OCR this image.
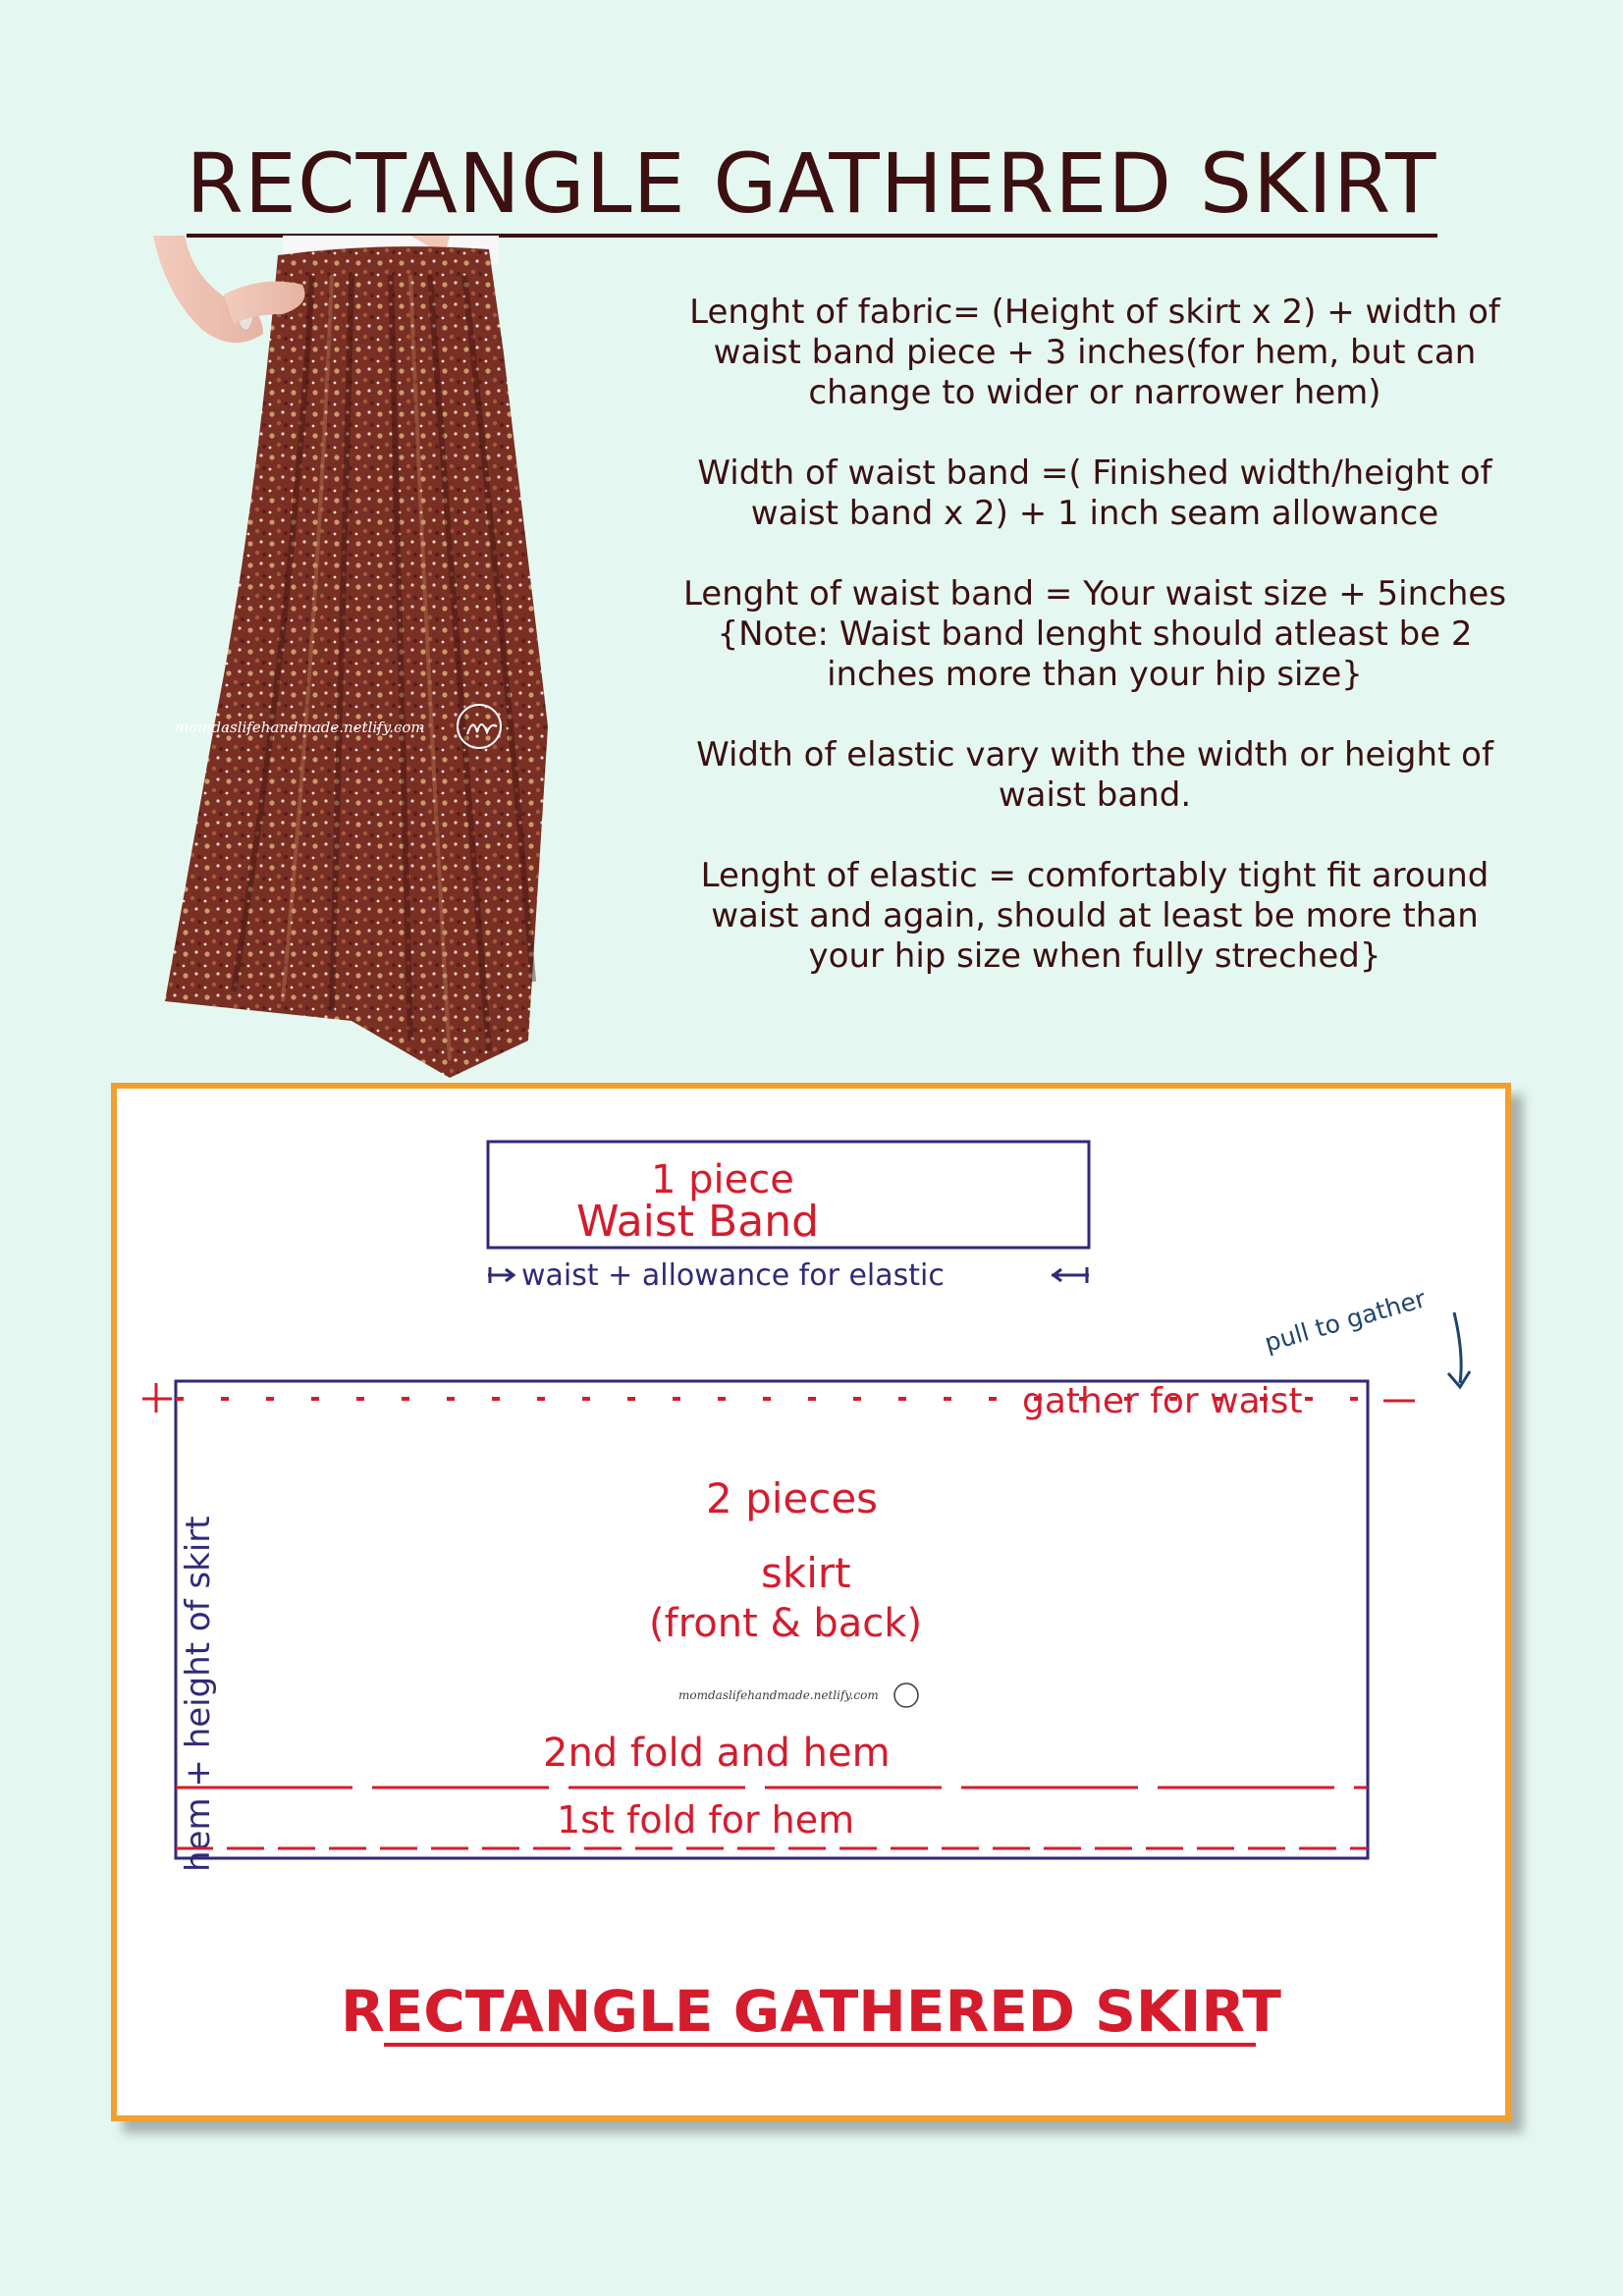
RECTANGLE GATHERED SKIRT
momdaslifehandmade.netlify.com

Lenght of fabric= (Height of skirt x 2) + width of waist band piece + 3 inches(for hem, but can change to wider or narrower hem)

Width of waist band =( Finished width/height of waist band x 2) + 1 inch seam allowance

Lenght of waist band = Your waist size + 5inches {Note: Waist band lenght should atleast be 2 inches more than your hip size}

Width of elastic vary with the width or height of waist band.

Lenght of elastic = comfortably tight fit around waist and again, should at least be more than your hip size when fully streched}

1 piece
Waist Band
waist + allowance for elastic
pull to gather
gather for waist
2 pieces
skirt
(front & back)
momdaslifehandmade.netlify.com
hem + height of skirt	2nd fold and hem
1st fold for hem
RECTANGLE GATHERED SKIRT
